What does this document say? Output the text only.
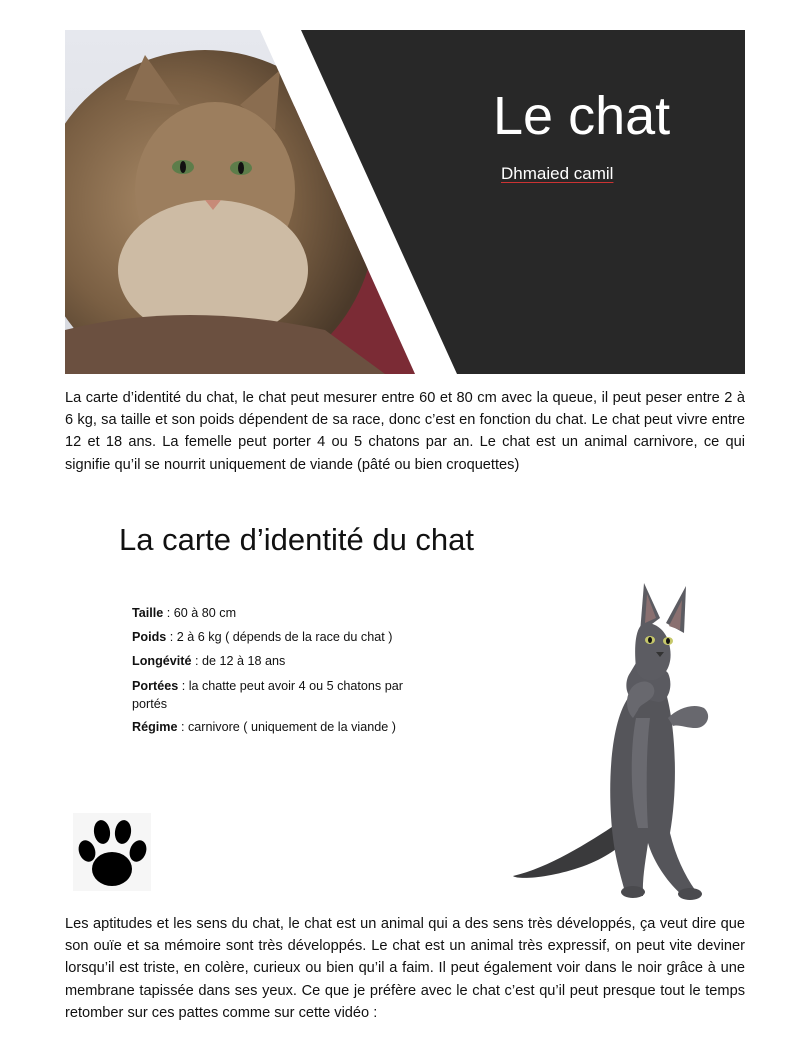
Le chat
Dhmaied camil

La carte d’identité du chat, le chat peut mesurer entre 60 et 80 cm avec la queue, il peut peser entre 2 à 6 kg, sa taille et son poids dépendent de sa race, donc c’est en fonction du chat. Le chat peut vivre entre 12 et 18 ans. La femelle peut porter 4 ou 5 chatons par an. Le chat est un animal carnivore, ce qui signifie qu’il se nourrit uniquement de viande (pâté ou bien croquettes)

La carte d’identité du chat

Taille : 60 à 80 cm

Poids : 2 à 6 kg ( dépends de la race du chat )

Longévité : de 12 à 18 ans

Portées : la chatte peut avoir 4 ou 5 chatons par portés

Régime : carnivore ( uniquement de la viande )

Les aptitudes et les sens du chat, le chat est un animal qui a des sens très développés, ça veut dire que son ouïe et sa mémoire sont très développés. Le chat est un animal très expressif, on peut vite deviner lorsqu’il est triste, en colère, curieux ou bien qu’il a faim. Il peut également voir dans le noir grâce à une membrane tapissée dans ses yeux. Ce que je préfère avec le chat c’est qu’il peut presque tout le temps retomber sur ces pattes comme sur cette vidéo :
